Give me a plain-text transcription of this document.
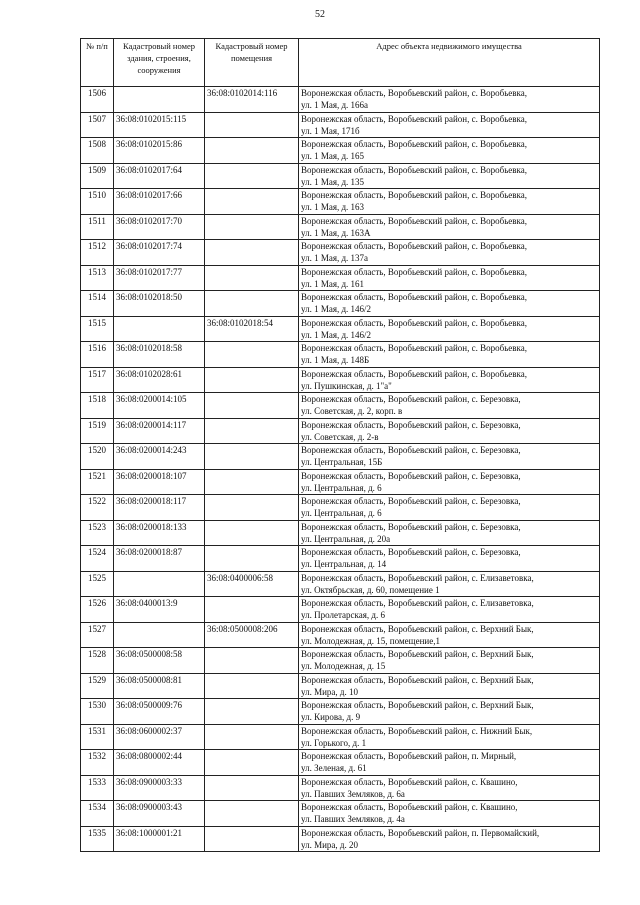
52
№ п/п	Кадастровый номер здания, строения, сооружения	Кадастровый номер помещения	Адрес объекта недвижимого имущества
1506		36:08:0102014:116	Воронежская область, Воробьевский район, с. Воробьевка,
ул. 1 Мая, д. 166а

1507	36:08:0102015:115		Воронежская область, Воробьевский район, с. Воробьевка,
ул. 1 Мая, 171б

1508	36:08:0102015:86		Воронежская область, Воробьевский район, с. Воробьевка,
ул. 1 Мая, д. 165

1509	36:08:0102017:64		Воронежская область, Воробьевский район, с. Воробьевка,
ул. 1 Мая, д. 135

1510	36:08:0102017:66		Воронежская область, Воробьевский район, с. Воробьевка,
ул. 1 Мая, д. 163

1511	36:08:0102017:70		Воронежская область, Воробьевский район, с. Воробьевка,
ул. 1 Мая, д. 163А

1512	36:08:0102017:74		Воронежская область, Воробьевский район, с. Воробьевка,
ул. 1 Мая, д. 137а

1513	36:08:0102017:77		Воронежская область, Воробьевский район, с. Воробьевка,
ул. 1 Мая, д. 161

1514	36:08:0102018:50		Воронежская область, Воробьевский район, с. Воробьевка,
ул. 1 Мая, д. 146/2

1515		36:08:0102018:54	Воронежская область, Воробьевский район, с. Воробьевка,
ул. 1 Мая, д. 146/2

1516	36:08:0102018:58		Воронежская область, Воробьевский район, с. Воробьевка,
ул. 1 Мая, д. 148Б

1517	36:08:0102028:61		Воронежская область, Воробьевский район, с. Воробьевка,
ул. Пушкинская, д. 1"а"

1518	36:08:0200014:105		Воронежская область, Воробьевский район, с. Березовка,
ул. Советская, д. 2, корп. в

1519	36:08:0200014:117		Воронежская область, Воробьевский район, с. Березовка,
ул. Советская, д. 2-в

1520	36:08:0200014:243		Воронежская область, Воробьевский район, с. Березовка,
ул. Центральная, 15Б

1521	36:08:0200018:107		Воронежская область, Воробьевский район, с. Березовка,
ул. Центральная, д. 6

1522	36:08:0200018:117		Воронежская область, Воробьевский район, с. Березовка,
ул. Центральная, д. 6

1523	36:08:0200018:133		Воронежская область, Воробьевский район, с. Березовка,
ул. Центральная, д. 20а

1524	36:08:0200018:87		Воронежская область, Воробьевский район, с. Березовка,
ул. Центральная, д. 14

1525		36:08:0400006:58	Воронежская область, Воробьевский район, с. Елизаветовка,
ул. Октябрьская, д. 60, помещение 1

1526	36:08:0400013:9		Воронежская область, Воробьевский район, с. Елизаветовка,
ул. Пролетарская, д. 6

1527		36:08:0500008:206	Воронежская область, Воробьевский район, с. Верхний Бык,
ул. Молодежная, д. 15, помещение,1

1528	36:08:0500008:58		Воронежская область, Воробьевский район, с. Верхний Бык,
ул. Молодежная, д. 15

1529	36:08:0500008:81		Воронежская область, Воробьевский район, с. Верхний Бык,
ул. Мира, д. 10

1530	36:08:0500009:76		Воронежская область, Воробьевский район, с. Верхний Бык,
ул. Кирова, д. 9

1531	36:08:0600002:37		Воронежская область, Воробьевский район, с. Нижний Бык,
ул. Горького, д. 1

1532	36:08:0800002:44		Воронежская область, Воробьевский район, п. Мирный,
ул. Зеленая, д. 61

1533	36:08:0900003:33		Воронежская область, Воробьевский район, с. Квашино,
ул. Павших Земляков, д. 6а

1534	36:08:0900003:43		Воронежская область, Воробьевский район, с. Квашино,
ул. Павших Земляков, д. 4а

1535	36:08:1000001:21		Воронежская область, Воробьевский район, п. Первомайский,
ул. Мира, д. 20
